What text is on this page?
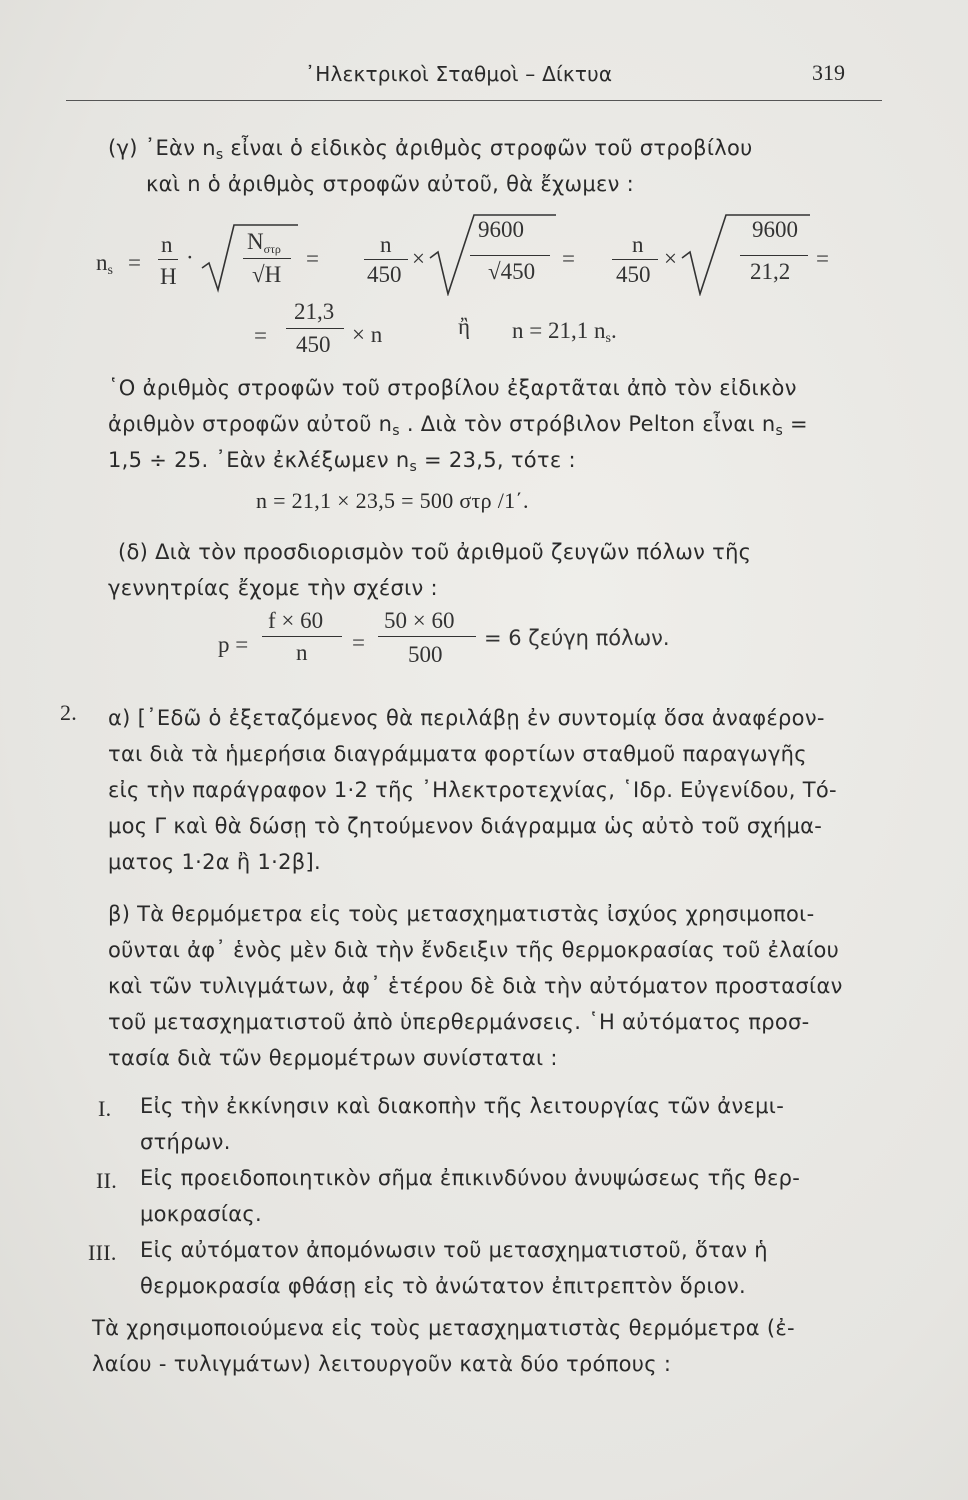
᾿Ηλεκτρικοὶ Σταθμοὶ – Δίκτυα	319
(γ) ᾿Εὰν $n_s$ εἶναι ὁ εἰδικὸς ἀριθμὸς στροφῶν τοῦ στροβίλου
καὶ n ὁ ἀριθμὸς στροφῶν αὐτοῦ, θὰ ἔχωμεν :
$n_s$ =
n
H
·
$N_{\sigma\tau\rho}$
√H
=
n
450
×
9600
√450
=
n
450
×
9600
21,2
=
=
21,3
450 × n	ἢ n = 21,1 $n_s$.
῾Ο ἀριθμὸς στροφῶν τοῦ στροβίλου ἐξαρτᾶται ἀπὸ τὸν εἰδικὸν
ἀριθμὸν στροφῶν αὐτοῦ $n_s$ . Διὰ τὸν στρόβιλον Pelton εἶναι $n_s$ =
1,5 ÷ 25. ᾿Εὰν ἐκλέξωμεν $n_s = 23,5$, τότε :
n = 21,1 × 23,5 = 500 στρ /1΄.
(δ) Διὰ τὸν προσδιορισμὸν τοῦ ἀριθμοῦ ζευγῶν πόλων τῆς
γεννητρίας ἔχομε τὴν σχέσιν :
p =
f × 60
n =
50 × 60
500
= 6 ζεύγη πόλων.
2. α) [᾿Εδῶ ὁ ἐξεταζόμενος θὰ περιλάβῃ ἐν συντομίᾳ ὅσα ἀναφέρον-
ται διὰ τὰ ἡμερήσια διαγράμματα φορτίων σταθμοῦ παραγωγῆς
εἰς τὴν παράγραφον 1·2 τῆς ᾿Ηλεκτροτεχνίας, ῾Ιδρ. Εὐγενίδου, Τό-
μος Γ καὶ θὰ δώσῃ τὸ ζητούμενον διάγραμμα ὡς αὐτὸ τοῦ σχήμα-
ματος 1·2α ἢ 1·2β].
β) Τὰ θερμόμετρα εἰς τοὺς μετασχηματιστὰς ἰσχύος χρησιμοποι-
οῦνται ἀφ᾿ ἑνὸς μὲν διὰ τὴν ἔνδειξιν τῆς θερμοκρασίας τοῦ ἐλαίου
καὶ τῶν τυλιγμάτων, ἀφ᾿ ἑτέρου δὲ διὰ τὴν αὐτόματον προστασίαν
τοῦ μετασχηματιστοῦ ἀπὸ ὑπερθερμάνσεις. ῾Η αὐτόματος προσ-
τασία διὰ τῶν θερμομέτρων συνίσταται :
I. Εἰς τὴν ἐκκίνησιν καὶ διακοπὴν τῆς λειτουργίας τῶν ἀνεμι-
στήρων.
II. Εἰς προειδοποιητικὸν σῆμα ἐπικινδύνου ἀνυψώσεως τῆς θερ-
μοκρασίας.
III. Εἰς αὐτόματον ἀπομόνωσιν τοῦ μετασχηματιστοῦ, ὅταν ἡ
θερμοκρασία φθάσῃ εἰς τὸ ἀνώτατον ἐπιτρεπτὸν ὅριον.
Τὰ χρησιμοποιούμενα εἰς τοὺς μετασχηματιστὰς θερμόμετρα (ἐ-
λαίου - τυλιγμάτων) λειτουργοῦν κατὰ δύο τρόπους :
